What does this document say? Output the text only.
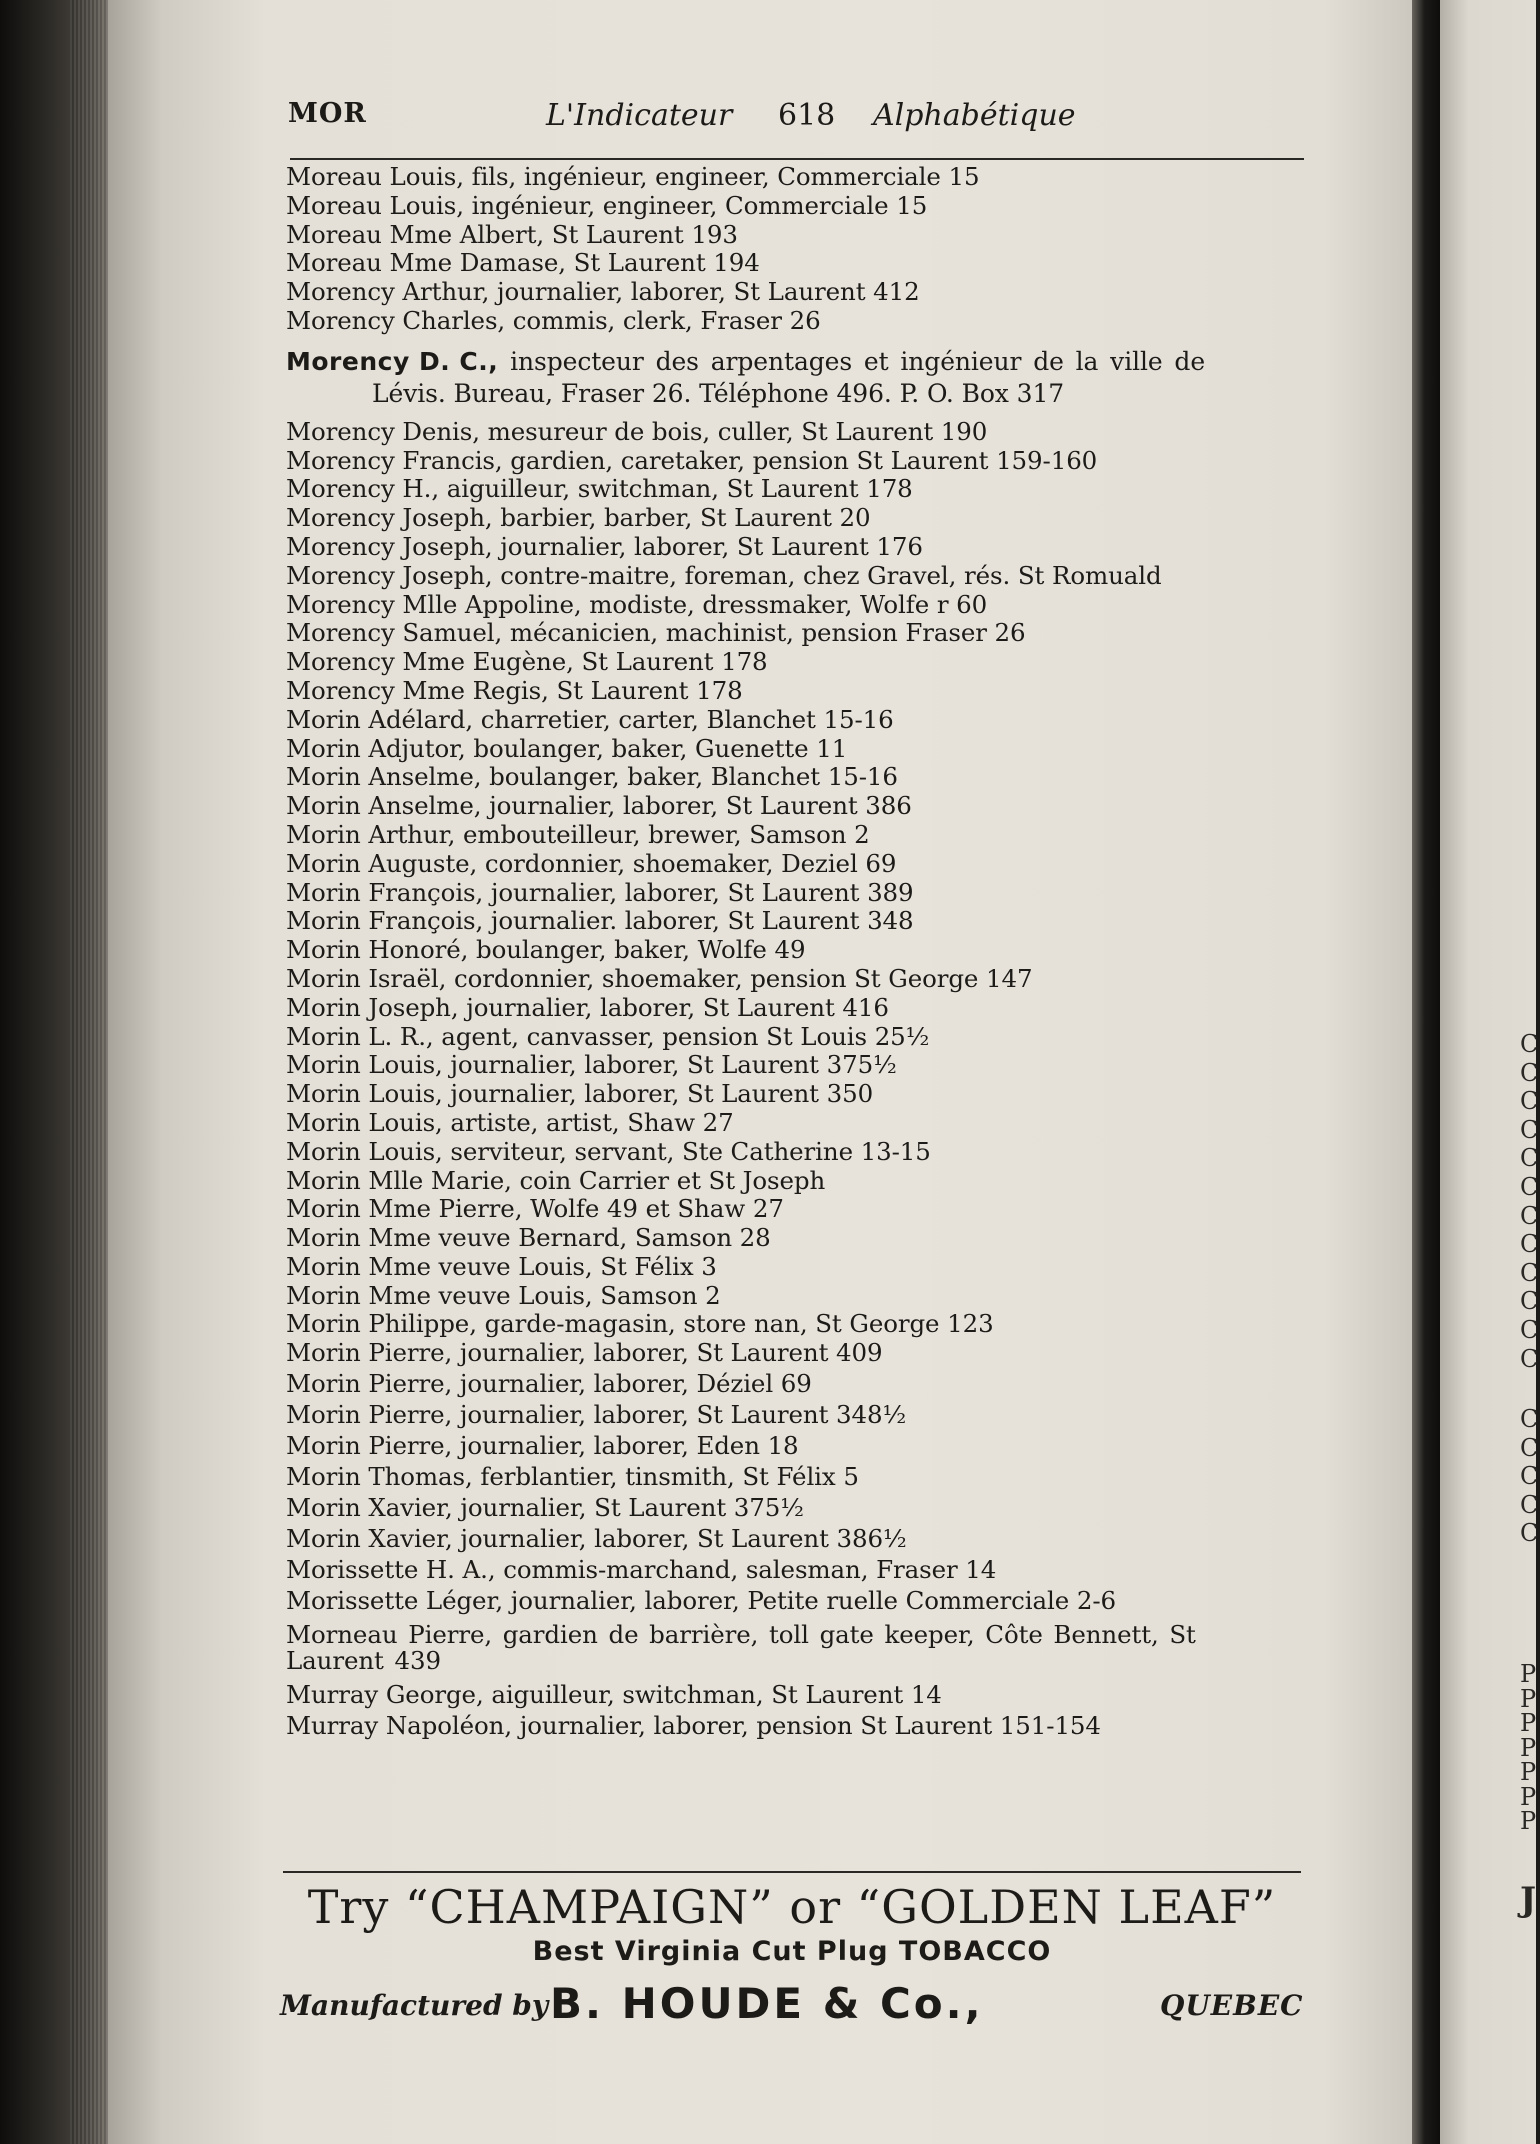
C
C
C
C
C
C
C
C
C
C
C
C
C
C
C
C
C
P
P
P
P
P
P
P
J
MOR	L'Indicateur 618 Alphabétique
Moreau Louis, fils, ingénieur, engineer, Commerciale 15
Moreau Louis, ingénieur, engineer, Commerciale 15
Moreau Mme Albert, St Laurent 193
Moreau Mme Damase, St Laurent 194
Morency Arthur, journalier, laborer, St Laurent 412
Morency Charles, commis, clerk, Fraser 26
Morency D. C., inspecteur des arpentages et ingénieur de la ville de
Lévis. Bureau, Fraser 26. Téléphone 496. P. O. Box 317
Morency Denis, mesureur de bois, culler, St Laurent 190
Morency Francis, gardien, caretaker, pension St Laurent 159-160
Morency H., aiguilleur, switchman, St Laurent 178
Morency Joseph, barbier, barber, St Laurent 20
Morency Joseph, journalier, laborer, St Laurent 176
Morency Joseph, contre-maitre, foreman, chez Gravel, rés. St Romuald
Morency Mlle Appoline, modiste, dressmaker, Wolfe r 60
Morency Samuel, mécanicien, machinist, pension Fraser 26
Morency Mme Eugène, St Laurent 178
Morency Mme Regis, St Laurent 178
Morin Adélard, charretier, carter, Blanchet 15-16
Morin Adjutor, boulanger, baker, Guenette 11
Morin Anselme, boulanger, baker, Blanchet 15-16
Morin Anselme, journalier, laborer, St Laurent 386
Morin Arthur, embouteilleur, brewer, Samson 2
Morin Auguste, cordonnier, shoemaker, Deziel 69
Morin François, journalier, laborer, St Laurent 389
Morin François, journalier. laborer, St Laurent 348
Morin Honoré, boulanger, baker, Wolfe 49
Morin Israël, cordonnier, shoemaker, pension St George 147
Morin Joseph, journalier, laborer, St Laurent 416
Morin L. R., agent, canvasser, pension St Louis 25½
Morin Louis, journalier, laborer, St Laurent 375½
Morin Louis, journalier, laborer, St Laurent 350
Morin Louis, artiste, artist, Shaw 27
Morin Louis, serviteur, servant, Ste Catherine 13-15
Morin Mlle Marie, coin Carrier et St Joseph
Morin Mme Pierre, Wolfe 49 et Shaw 27
Morin Mme veuve Bernard, Samson 28
Morin Mme veuve Louis, St Félix 3
Morin Mme veuve Louis, Samson 2
Morin Philippe, garde-magasin, store nan, St George 123
Morin Pierre, journalier, laborer, St Laurent 409
Morin Pierre, journalier, laborer, Déziel 69
Morin Pierre, journalier, laborer, St Laurent 348½
Morin Pierre, journalier, laborer, Eden 18
Morin Thomas, ferblantier, tinsmith, St Félix 5
Morin Xavier, journalier, St Laurent 375½
Morin Xavier, journalier, laborer, St Laurent 386½
Morissette H. A., commis-marchand, salesman, Fraser 14
Morissette Léger, journalier, laborer, Petite ruelle Commerciale 2-6
Morneau Pierre, gardien de barrière, toll gate keeper, Côte Bennett, St Laurent 439
Murray George, aiguilleur, switchman, St Laurent 14
Murray Napoléon, journalier, laborer, pension St Laurent 151-154
Try “CHAMPAIGN” or “GOLDEN LEAF”
Best Virginia Cut Plug TOBACCO
Manufactured by B. HOUDE & Co.,	QUEBEC
